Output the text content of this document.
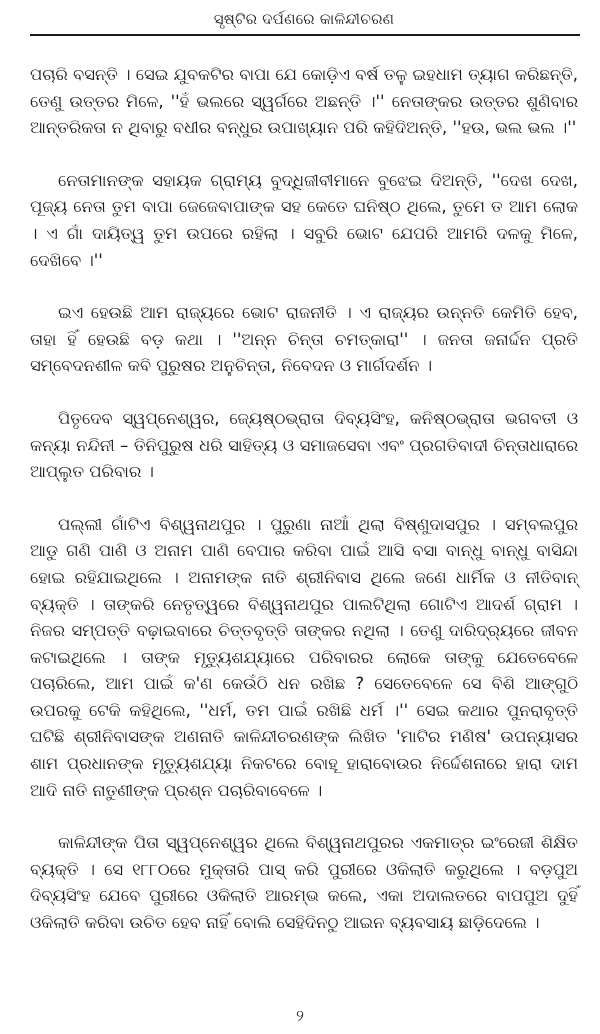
ସୃଷ୍ଟିର ଦର୍ପଣରେ କାଳିନ୍ଦୀଚରଣ

ପଚାରି ବସନ୍ତି । ସେଇ ଯୁବକଟିର ବାପା ଯେ କୋଡ଼ିଏ ବର୍ଷ ତଳୁ ଇହଧାମ ତ୍ୟାଗ କରିଛନ୍ତି, ତେଣୁ ଉତ୍ତର ମିଳେ, ''ହଁ ଭଲରେ ସ୍ୱର୍ଗରେ ଅଛନ୍ତି ।'' ନେତାଙ୍କର ଉତ୍ତର ଶୁଣିବାର ଆନ୍ତରିକତା ନ ଥିବାରୁ ବଧୀର ବନ୍ଧୁର ଉପାଖ୍ୟାନ ପରି କହିଦିଅନ୍ତି, ''ହଉ, ଭଲ ଭଲ ।''

ନେତାମାନଙ୍କ ସହାୟକ ଗ୍ରାମ୍ୟ ବୁଦ୍ଧିଜୀବୀମାନେ ବୁଝେଇ ଦିଅନ୍ତି, ''ଦେଖ ଦେଖ, ପୂଜ୍ୟ ନେତା ତୁମ ବାପା ଜେଜେବାପାଙ୍କ ସହ କେତେ ଘନିଷ୍ଠ ଥିଲେ, ତୁମେ ତ ଆମ ଲୋକ । ଏ ଗାଁ ଦାୟିତ୍ୱ ତୁମ ଉପରେ ରହିଲା । ସବୁରି ଭୋଟ ଯେପରି ଆମରି ଦଳକୁ ମିଳେ, ଦେଖିବେ ।''

ଇଏ ହେଉଛି ଆମ ରାଜ୍ୟରେ ଭୋଟ ରାଜନୀତି । ଏ ରାଜ୍ୟର ଉନ୍ନତି କେମିତି ହେବ, ତାହା ହିଁ ହେଉଛି ବଡ଼ କଥା । ''ଅନ୍ନ ଚିନ୍ତା ଚମତ୍କାରା'' । ଜନତା ଜନାର୍ଦ୍ଦନ ପ୍ରତି ସମ୍ବେଦନଶୀଳ କବି ପୁରୁଷର ଅନୁଚିନ୍ତା, ନିବେଦନ ଓ ମାର୍ଗଦର୍ଶନ ।

ପିତୃଦେବ ସ୍ୱପ୍ନେଶ୍ୱର, ଜ୍ୟେଷ୍ଠଭ୍ରାତା ଦିବ୍ୟସିଂହ, କନିଷ୍ଠଭ୍ରାତା ଭଗବତୀ ଓ କନ୍ୟା ନନ୍ଦିନୀ – ତିନିପୁରୁଷ ଧରି ସାହିତ୍ୟ ଓ ସମାଜସେବା ଏବଂ ପ୍ରଗତିବାଦୀ ଚିନ୍ତାଧାରାରେ ଆପ୍ଲୁତ ପରିବାର ।

ପଲ୍ଲୀ ଗାଁଟିଏ ବିଶ୍ୱନାଥପୁର । ପୁରୁଣା ନାଆଁ ଥିଲା ବିଷ୍ଣୁଦାସପୁର । ସମ୍ବଲପୁର ଆଡୁ ଗଣି ପାଣି ଓ ଅନାମ ପାଣି ବେପାର କରିବା ପାଇଁ ଆସି ବସା ବାନ୍ଧୁ ବାନ୍ଧୁ ବାସିନ୍ଦା ହୋଇ ରହିଯାଇଥିଲେ । ଅନାମଙ୍କ ନାତି ଶ୍ରୀନିବାସ ଥିଲେ ଜଣେ ଧାର୍ମିକ ଓ ନୀତିବାନ୍ ବ୍ୟକ୍ତି । ତାଙ୍କରି ନେତୃତ୍ୱରେ ବିଶ୍ୱନାଥପୁର ପାଲଟିଥିଲା ଗୋଟିଏ ଆଦର୍ଶ ଗ୍ରାମ । ନିଜର ସମ୍ପତ୍ତି ବଢ଼ାଇବାରେ ଚିତ୍ତବୃତ୍ତି ତାଙ୍କର ନଥିଲା । ତେଣୁ ଦାରିଦ୍ର୍ୟରେ ଜୀବନ କଟାଇଥିଲେ । ତାଙ୍କ ମୃତ୍ୟୁଶଯ୍ୟାରେ ପରିବାରର ଲୋକେ ତାଙ୍କୁ ଯେତେବେଳେ ପଚାରିଲେ, ଆମ ପାଇଁ କ'ଣ କେଉଁଠି ଧନ ରଖିଛ ? ସେତେବେଳେ ସେ ବିଶି ଆଙ୍ଗୁଠି ଉପରକୁ ଟେକି କହିଥିଲେ, ''ଧର୍ମ, ତମ ପାଇଁ ରଖିଛି ଧର୍ମ ।'' ସେଇ କଥାର ପୁନରାବୃତ୍ତି ଘଟିଛି ଶ୍ରୀନିବାସଙ୍କ ଅଣନାତି କାଳିନ୍ଦୀଚରଣଙ୍କ ଲିଖିତ 'ମାଟିର ମଣିଷ' ଉପନ୍ୟାସର ଶାମ ପ୍ରଧାନଙ୍କ ମୃତ୍ୟୁଶଯ୍ୟା ନିକଟରେ ବୋହୂ ହାରାବୋଉର ନିର୍ଦ୍ଦେଶନାରେ ହାରା ଦାମ ଆଦି ନାତି ନାତୁଣୀଙ୍କ ପ୍ରଶ୍ନ ପଚାରିବାବେଳେ ।

କାଳିନ୍ଦୀଙ୍କ ପିତା ସ୍ୱପ୍ନେଶ୍ୱର ଥିଲେ ବିଶ୍ୱନାଥପୁରର ଏକମାତ୍ର ଇଂରେଜୀ ଶିକ୍ଷିତ ବ୍ୟକ୍ତି । ସେ ୧୮୮୦ରେ ମୁକ୍ତାରି ପାସ୍ କରି ପୁରୀରେ ଓକିଲାତି କରୁଥିଲେ । ବଡ଼ପୁଅ ଦିବ୍ୟସିଂହ ଯେବେ ପୁରୀରେ ଓକିଲାତି ଆରମ୍ଭ କଲେ, ଏକା ଅଦାଲତରେ ବାପପୁଅ ଦୁହିଁ ଓକିଲାତି କରିବା ଉଚିତ ହେବ ନାହିଁ ବୋଲି ସେହିଦିନଠୁ ଆଇନ ବ୍ୟବସାୟ ଛାଡ଼ିଦେଲେ ।

୨
